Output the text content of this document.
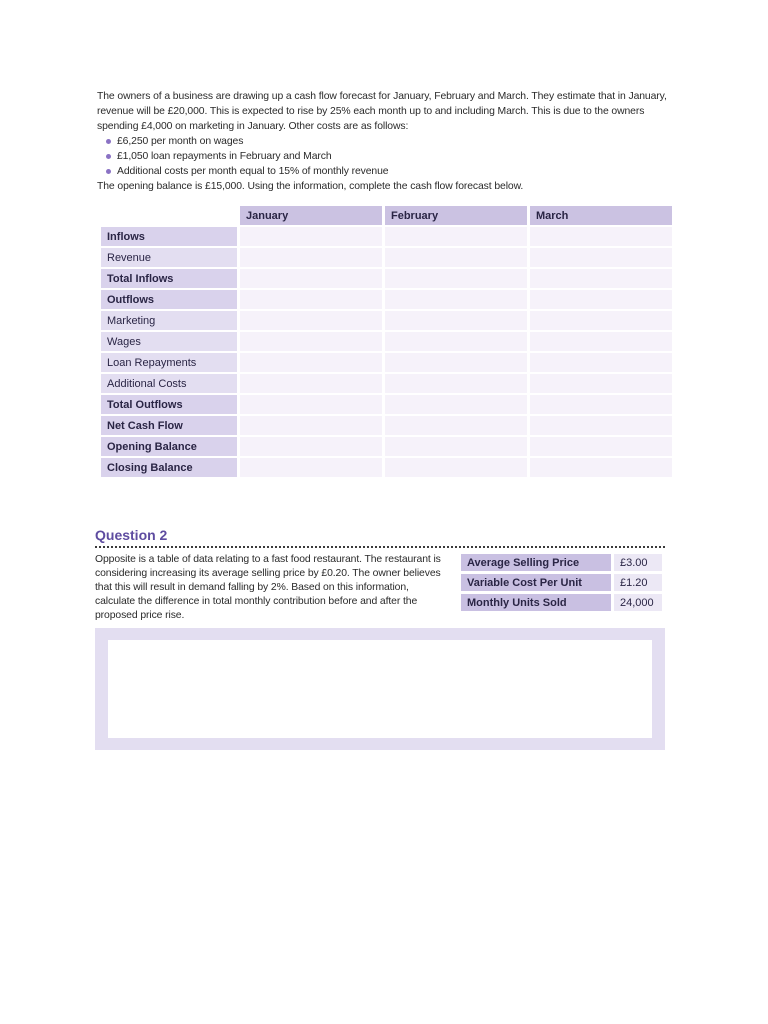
The owners of a business are drawing up a cash flow forecast for January, February and March. They estimate that in January, revenue will be £20,000. This is expected to rise by 25% each month up to and including March. This is due to the owners spending £4,000 on marketing in January. Other costs are as follows:

£6,250 per month on wages
£1,050 loan repayments in February and March
Additional costs per month equal to 15% of monthly revenue

The opening balance is £15,000. Using the information, complete the cash flow forecast below.

	January	February	March
Inflows			
Revenue			
Total Inflows			
Outflows			
Marketing			
Wages			
Loan Repayments			
Additional Costs			
Total Outflows			
Net Cash Flow			
Opening Balance			
Closing Balance			
Question 2
Opposite is a table of data relating to a fast food restaurant. The restaurant is considering increasing its average selling price by £0.20. The owner believes that this will result in demand falling by 2%. Based on this information, calculate the difference in total monthly contribution before and after the proposed price rise.
Average Selling Price	£3.00
Variable Cost Per Unit	£1.20
Monthly Units Sold	24,000
